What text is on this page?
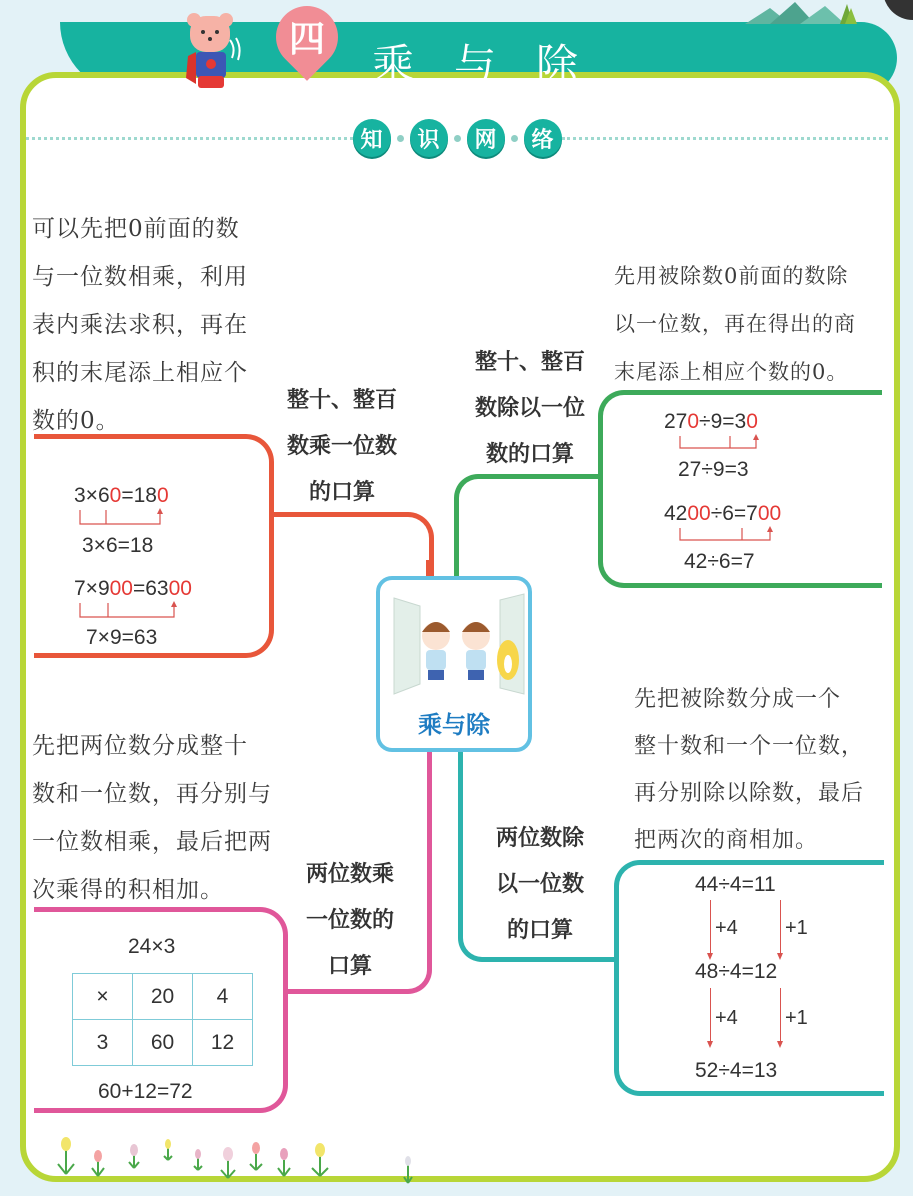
四
乘与除
知	识	网	络
可以先把0前面的数
与一位数相乘，利用
表内乘法求积，再在
积的末尾添上相应个
数的0。
整十、整百
数乘一位数
的口算
3×60=180
3×6=18
7×900=6300
7×9=63
先用被除数0前面的数除
以一位数，再在得出的商
末尾添上相应个数的0。
整十、整百
数除以一位
数的口算
270÷9=30
27÷9=3
4200÷6=700
42÷6=7
乘与除
先把两位数分成整十
数和一位数，再分别与
一位数相乘，最后把两
次乘得的积相加。
两位数乘
一位数的
口算
24×3
×	20	4
3	60	12
60+12=72
先把被除数分成一个
整十数和一个一位数，
再分别除以除数，最后
把两次的商相加。
两位数除
以一位数
的口算
44÷4=11
+4 +1
48÷4=12
+4 +1
52÷4=13
